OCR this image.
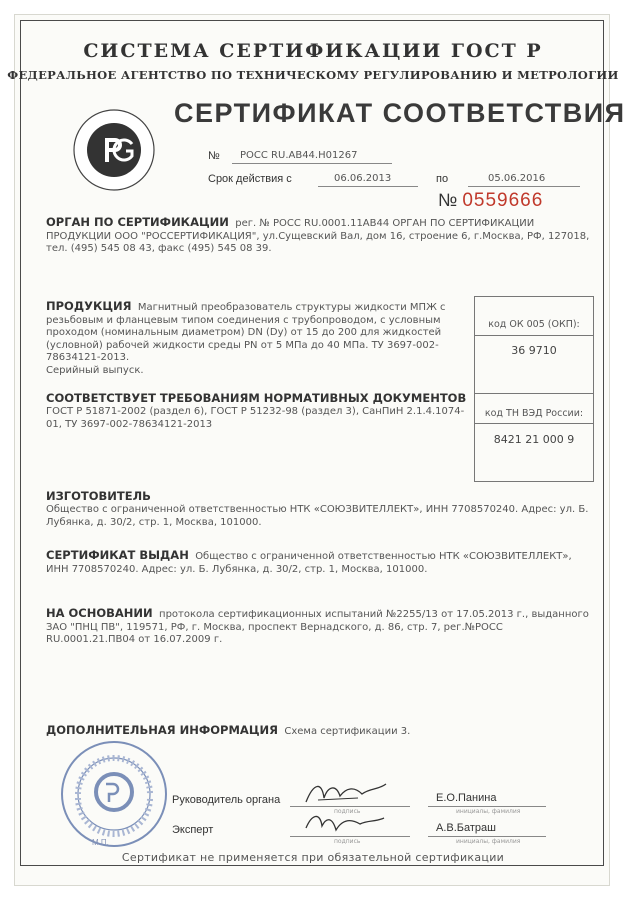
СИСТЕМА СЕРТИФИКАЦИИ ГОСТ Р
ФЕДЕРАЛЬНОЕ АГЕНТСТВО ПО ТЕХНИЧЕСКОМУ РЕГУЛИРОВАНИЮ И МЕТРОЛОГИИ
СЕРТИФИКАТ СООТВЕТСТВИЯ
№ РОСС RU.АВ44.Н01267
Срок действия с	06.06.2013	по	05.06.2016
№ 0559666
ОРГАН ПО СЕРТИФИКАЦИИ рег. № РОСС RU.0001.11АВ44 ОРГАН ПО СЕРТИФИКАЦИИ ПРОДУКЦИИ ООО "РОССЕРТИФИКАЦИЯ", ул.Сущевский Вал, дом 16, строение 6, г.Москва, РФ, 127018, тел. (495) 545 08 43, факс (495) 545 08 39.
ПРОДУКЦИЯ Магнитный преобразователь структуры жидкости МПЖ с резьбовым и фланцевым типом соединения с трубопроводом, с условным проходом (номинальным диаметром) DN (Dy) от 15 до 200 для жидкостей (условной) рабочей жидкости среды PN от 5 МПа до 40 МПа. ТУ 3697-002-78634121-2013.
Серийный выпуск.
код ОК 005 (ОКП):
36 9710
код ТН ВЭД России:
8421 21 000 9
СООТВЕТСТВУЕТ ТРЕБОВАНИЯМ НОРМАТИВНЫХ ДОКУМЕНТОВ
ГОСТ Р 51871-2002 (раздел 6), ГОСТ Р 51232-98 (раздел 3), СанПиН 2.1.4.1074-01, ТУ 3697-002-78634121-2013
ИЗГОТОВИТЕЛЬ
Общество с ограниченной ответственностью НТК «СОЮЗВИТЕЛЛЕКТ», ИНН 7708570240. Адрес: ул. Б. Лубянка, д. 30/2, стр. 1, Москва, 101000.
СЕРТИФИКАТ ВЫДАН Общество с ограниченной ответственностью НТК «СОЮЗВИТЕЛЛЕКТ», ИНН 7708570240. Адрес: ул. Б. Лубянка, д. 30/2, стр. 1, Москва, 101000.
НА ОСНОВАНИИ протокола сертификационных испытаний №2255/13 от 17.05.2013 г., выданного ЗАО "ПНЦ ПВ", 119571, РФ, г. Москва, проспект Вернадского, д. 86, стр. 7, рег.№РОСС RU.0001.21.ПВ04 от 16.07.2009 г.
ДОПОЛНИТЕЛЬНАЯ ИНФОРМАЦИЯ Схема сертификации 3.
М.П.
Руководитель органа
подпись
Е.О.Панина
инициалы, фамилия
Эксперт
подпись
А.В.Батраш
инициалы, фамилия
Сертификат не применяется при обязательной сертификации
